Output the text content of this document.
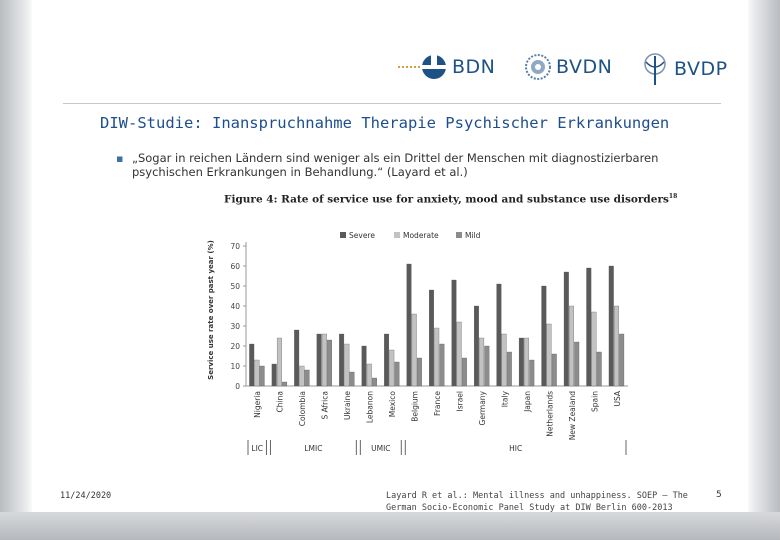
BDN	BVDN	BVDP
DIW-Studie: Inanspruchnahme Therapie Psychischer Erkrankungen
▪ „Sogar in reichen Ländern sind weniger als ein Drittel der Menschen mit diagnostizierbaren psychischen Erkrankungen in Behandlung.“ (Layard et al.)
Figure 4: Rate of service use for anxiety, mood and substance use disorders$^{18}$
Severe	Moderate	Mild
0
10
20
30
40
50
60
70
Service use rate over past year (%)
Nigeria China Colombia S Africa Ukraine Lebanon Mexico Belgium France Israel Germany Italy Japan Netherlands New Zealand Spain USA
LIC	LMIC	UMIC	HIC
11/24/2020	Layard R et al.: Mental illness and unhappiness. SOEP — The German Socio-Economic Panel Study at DIW Berlin 600-2013
5
